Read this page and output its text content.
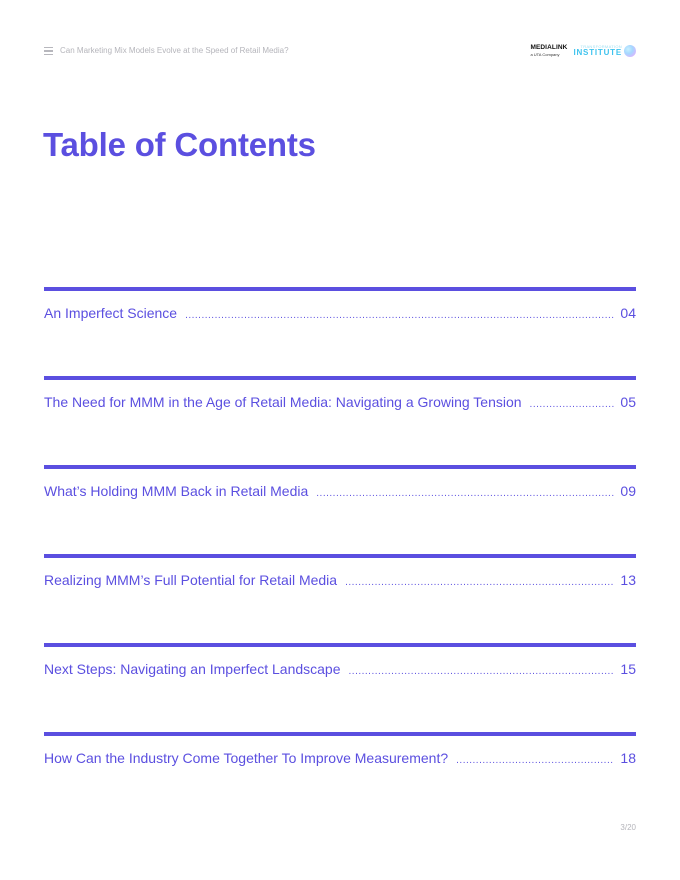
Can Marketing Mix Models Evolve at the Speed of Retail Media?	MEDIALINK
a UTA Company
TRANSFORMATION
INSTITUTE
Table of Contents
An Imperfect Science .....	04
The Need for MMM in the Age of Retail Media: Navigating a Growing Tension .....	05
What’s Holding MMM Back in Retail Media .....	09
Realizing MMM’s Full Potential for Retail Media .....	13
Next Steps: Navigating an Imperfect Landscape .....	15
How Can the Industry Come Together To Improve Measurement? .....	18
3/20
